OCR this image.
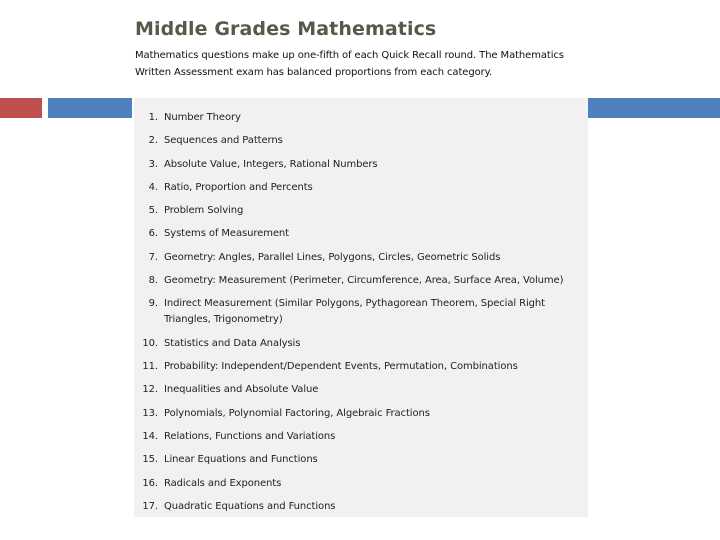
Middle Grades Mathematics

Mathematics questions make up one-fifth of each Quick Recall round. The Mathematics Written Assessment exam has balanced proportions from each category.

1. Number Theory
2. Sequences and Patterns
3. Absolute Value, Integers, Rational Numbers
4. Ratio, Proportion and Percents
5. Problem Solving
6. Systems of Measurement
7. Geometry: Angles, Parallel Lines, Polygons, Circles, Geometric Solids
8. Geometry: Measurement (Perimeter, Circumference, Area, Surface Area, Volume)
9. Indirect Measurement (Similar Polygons, Pythagorean Theorem, Special Right Triangles, Trigonometry)
10. Statistics and Data Analysis
11. Probability: Independent/Dependent Events, Permutation, Combinations
12. Inequalities and Absolute Value
13. Polynomials, Polynomial Factoring, Algebraic Fractions
14. Relations, Functions and Variations
15. Linear Equations and Functions
16. Radicals and Exponents
17. Quadratic Equations and Functions
